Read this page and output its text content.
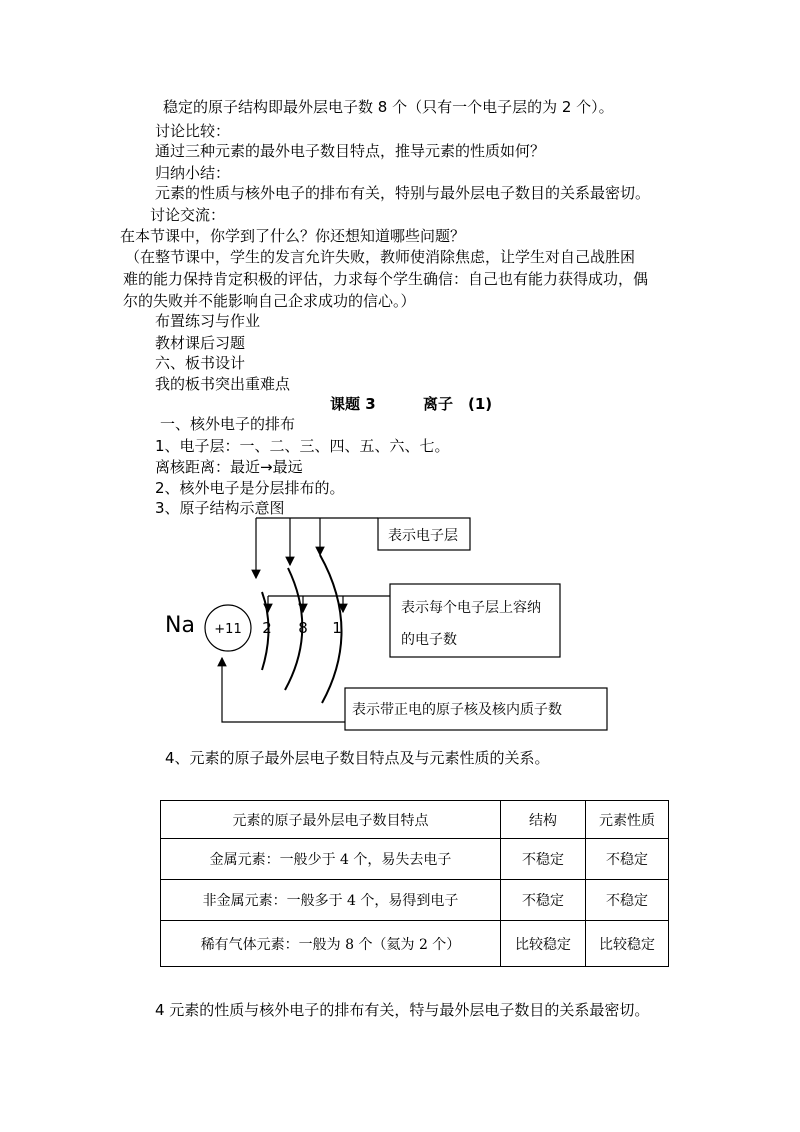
稳定的原子结构即最外层电子数 8 个（只有一个电子层的为 2 个）。
讨论比较：
通过三种元素的最外电子数目特点，推导元素的性质如何？
归纳小结：
元素的性质与核外电子的排布有关，特别与最外层电子数目的关系最密切。
讨论交流：
在本节课中，你学到了什么？你还想知道哪些问题？
（在整节课中，学生的发言允许失败，教师使消除焦虑，让学生对自己战胜困
难的能力保持肯定积极的评估，力求每个学生确信：自己也有能力获得成功，偶
尔的失败并不能影响自己企求成功的信心。）
布置练习与作业
教材课后习题
六、板书设计
我的板书突出重难点
课题 3	离子　(1)
一、核外电子的排布
1、电子层：一、二、三、四、五、六、七。
离核距离：最近→最远
2、核外电子是分层排布的。
3、原子结构示意图
Na +11 2 8 1
表示电子层
表示每个电子层上容纳
的电子数
表示带正电的原子核及核内质子数
4、元素的原子最外层电子数目特点及与元素性质的关系。
元素的原子最外层电子数目特点	结构	元素性质
金属元素：一般少于 4 个，易失去电子	不稳定	不稳定
非金属元素：一般多于 4 个，易得到电子	不稳定	不稳定
稀有气体元素：一般为 8 个（氦为 2 个）	比较稳定	比较稳定
4 元素的性质与核外电子的排布有关，特与最外层电子数目的关系最密切。
